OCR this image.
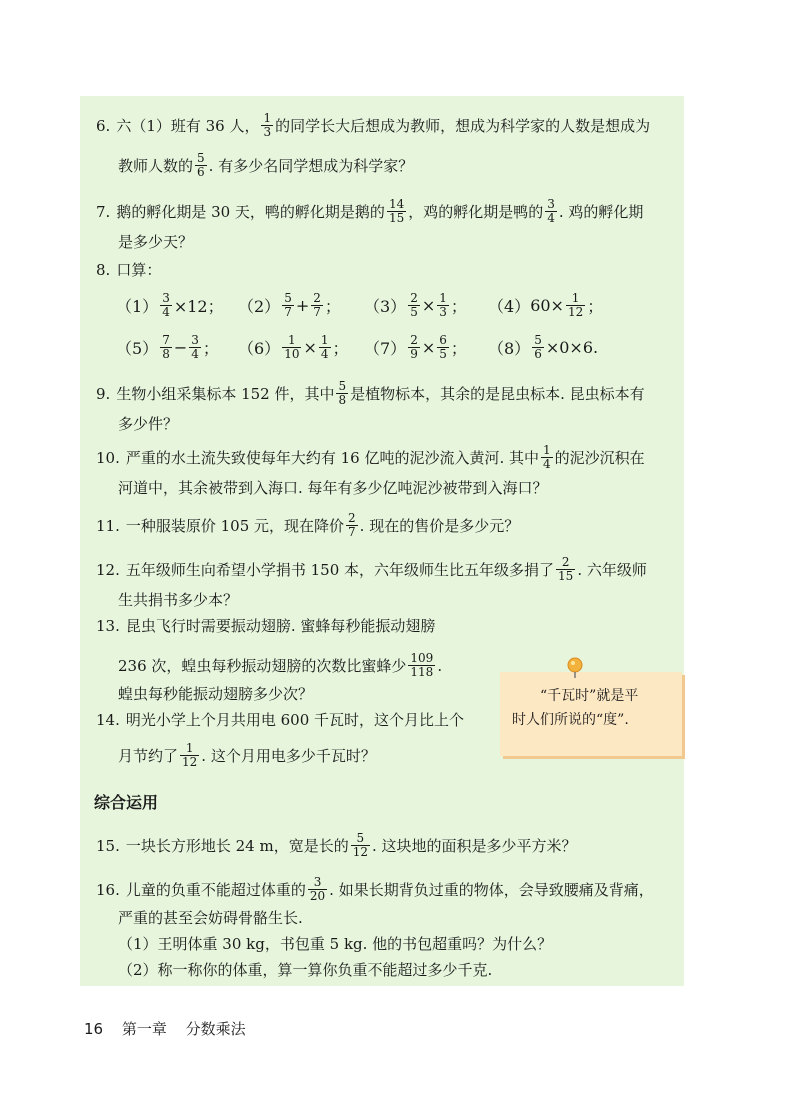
6. 六（1）班有 36 人， $\frac{1}{3}$ 的同学长大后想成为教师，想成为科学家的人数是想成为
教师人数的 $\frac{5}{6}$ . 有多少名同学想成为科学家？
7. 鹅的孵化期是 30 天，鸭的孵化期是鹅的 $\frac{14}{15}$ ，鸡的孵化期是鸭的 $\frac{3}{4}$ . 鸡的孵化期
是多少天？
8. 口算：
$(1) \frac{3}{4} \times 12$； $(2) \frac{5}{7} + \frac{2}{7}$ ； $(3) \frac{2}{5} \times \frac{1}{3}$ ； （4） $60\times \frac{1}{12}$ ；
$(5) \frac{7}{8} - \frac{3}{4}$ ； $(6) \frac{1}{10} \times \frac{1}{4}$ ； $(7) \frac{2}{9} \times \frac{6}{5}$ ； $(8) \frac{5}{6} \times 0\times 6$.
9. 生物小组采集标本 152 件，其中 $\frac{5}{8}$ 是植物标本，其余的是昆虫标本. 昆虫标本有
多少件？
10. 严重的水土流失致使每年大约有 16 亿吨的泥沙流入黄河. 其中 $\frac{1}{4}$ 的泥沙沉积在
河道中，其余被带到入海口. 每年有多少亿吨泥沙被带到入海口？
11. 一种服装原价 105 元，现在降价 $\frac{2}{7}$ . 现在的售价是多少元？
12. 五年级师生向希望小学捐书 150 本，六年级师生比五年级多捐了 $\frac{2}{15}$ . 六年级师
生共捐书多少本？
13. 昆虫飞行时需要振动翅膀. 蜜蜂每秒能振动翅膀
236 次，蝗虫每秒振动翅膀的次数比蜜蜂少 $\frac{109}{118}$ .
蝗虫每秒能振动翅膀多少次？
14. 明光小学上个月共用电 600 千瓦时，这个月比上个
月节约了 $\frac{1}{12}$ . 这个月用电多少千瓦时？
“千瓦时”就是平
时人们所说的“度”.
综合运用
15. 一块长方形地长 24 m，宽是长的 $\frac{5}{12}$ . 这块地的面积是多少平方米？
16. 儿童的负重不能超过体重的 $\frac{3}{20}$ . 如果长期背负过重的物体，会导致腰痛及背痛，
严重的甚至会妨碍骨骼生长.
（1）王明体重 30 kg，书包重 5 kg. 他的书包超重吗？为什么？
（2）称一称你的体重，算一算你负重不能超过多少千克.
16 第一章 分数乘法
